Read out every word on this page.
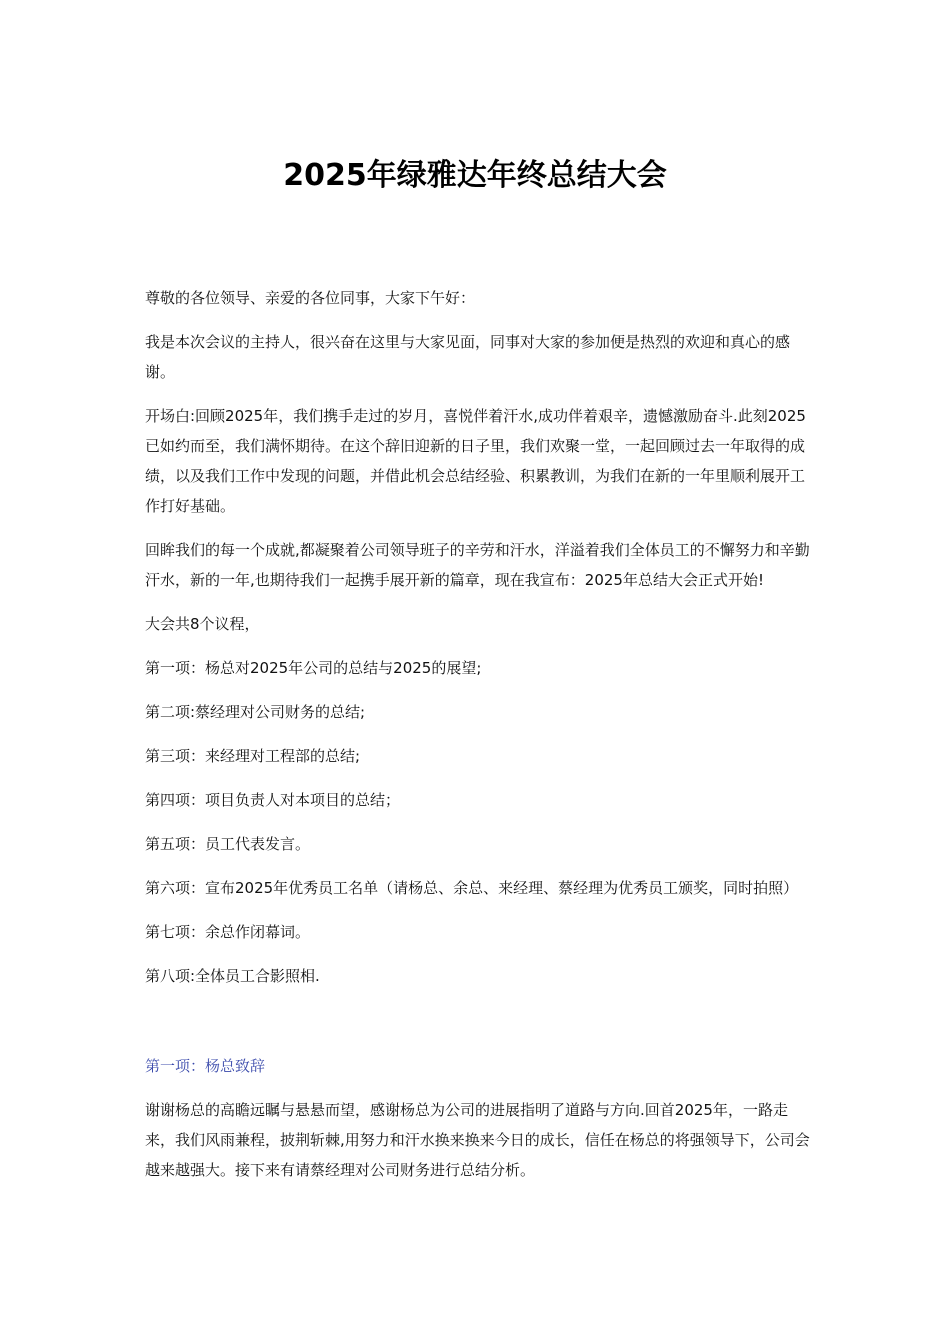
2025年绿雅达年终总结大会

尊敬的各位领导、亲爱的各位同事，大家下午好：

我是本次会议的主持人，很兴奋在这里与大家见面，同事对大家的参加便是热烈的欢迎和真心的感谢。

开场白:回顾2025年，我们携手走过的岁月，喜悦伴着汗水,成功伴着艰辛，遗憾激励奋斗.此刻2025已如约而至，我们满怀期待。在这个辞旧迎新的日子里，我们欢聚一堂，一起回顾过去一年取得的成绩，以及我们工作中发现的问题，并借此机会总结经验、积累教训，为我们在新的一年里顺利展开工作打好基础。

回眸我们的每一个成就,都凝聚着公司领导班子的辛劳和汗水，洋溢着我们全体员工的不懈努力和辛勤汗水，新的一年,也期待我们一起携手展开新的篇章，现在我宣布：2025年总结大会正式开始!

大会共8个议程，

第一项：杨总对2025年公司的总结与2025的展望;
第二项:蔡经理对公司财务的总结;
第三项：来经理对工程部的总结;
第四项：项目负责人对本项目的总结；
第五项：员工代表发言。
第六项：宣布2025年优秀员工名单（请杨总、余总、来经理、蔡经理为优秀员工颁奖，同时拍照）
第七项：余总作闭幕词。
第八项:全体员工合影照相.

第一项：杨总致辞

谢谢杨总的高瞻远瞩与悬悬而望，感谢杨总为公司的进展指明了道路与方向.回首2025年，一路走来，我们风雨兼程，披荆斩棘,用努力和汗水换来换来今日的成长，信任在杨总的将强领导下，公司会越来越强大。接下来有请蔡经理对公司财务进行总结分析。
